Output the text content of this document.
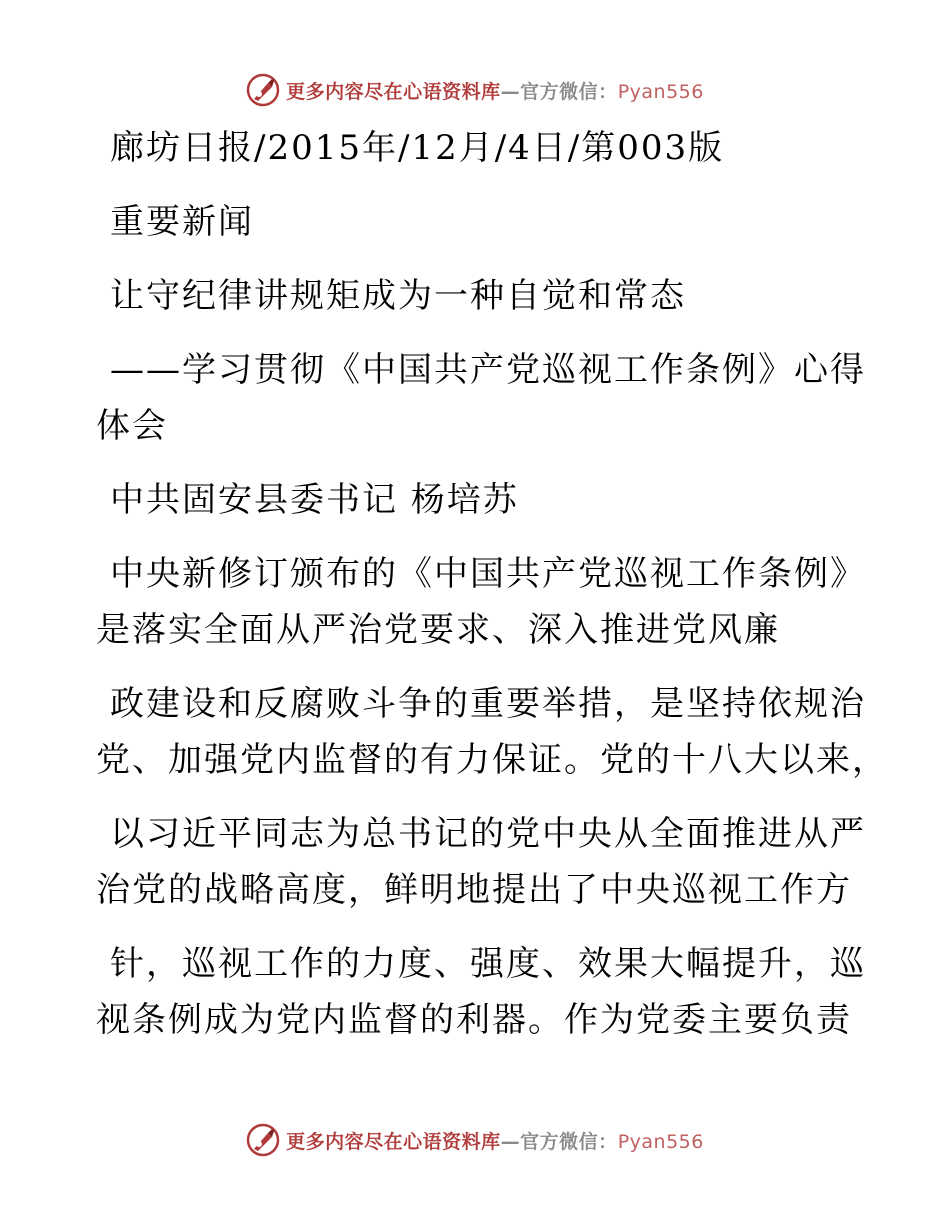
更多内容尽在心语资料库—官方微信：Pyan556
廊坊日报/2015年/12月/4日/第003版
重要新闻
让守纪律讲规矩成为一种自觉和常态
——学习贯彻《中国共产党巡视工作条例》心得
体会
中共固安县委书记 杨培苏
中央新修订颁布的《中国共产党巡视工作条例》
是落实全面从严治党要求、深入推进党风廉
政建设和反腐败斗争的重要举措，是坚持依规治
党、加强党内监督的有力保证。党的十八大以来，
以习近平同志为总书记的党中央从全面推进从严
治党的战略高度，鲜明地提出了中央巡视工作方
针，巡视工作的力度、强度、效果大幅提升，巡
视条例成为党内监督的利器。作为党委主要负责
更多内容尽在心语资料库—官方微信：Pyan556
